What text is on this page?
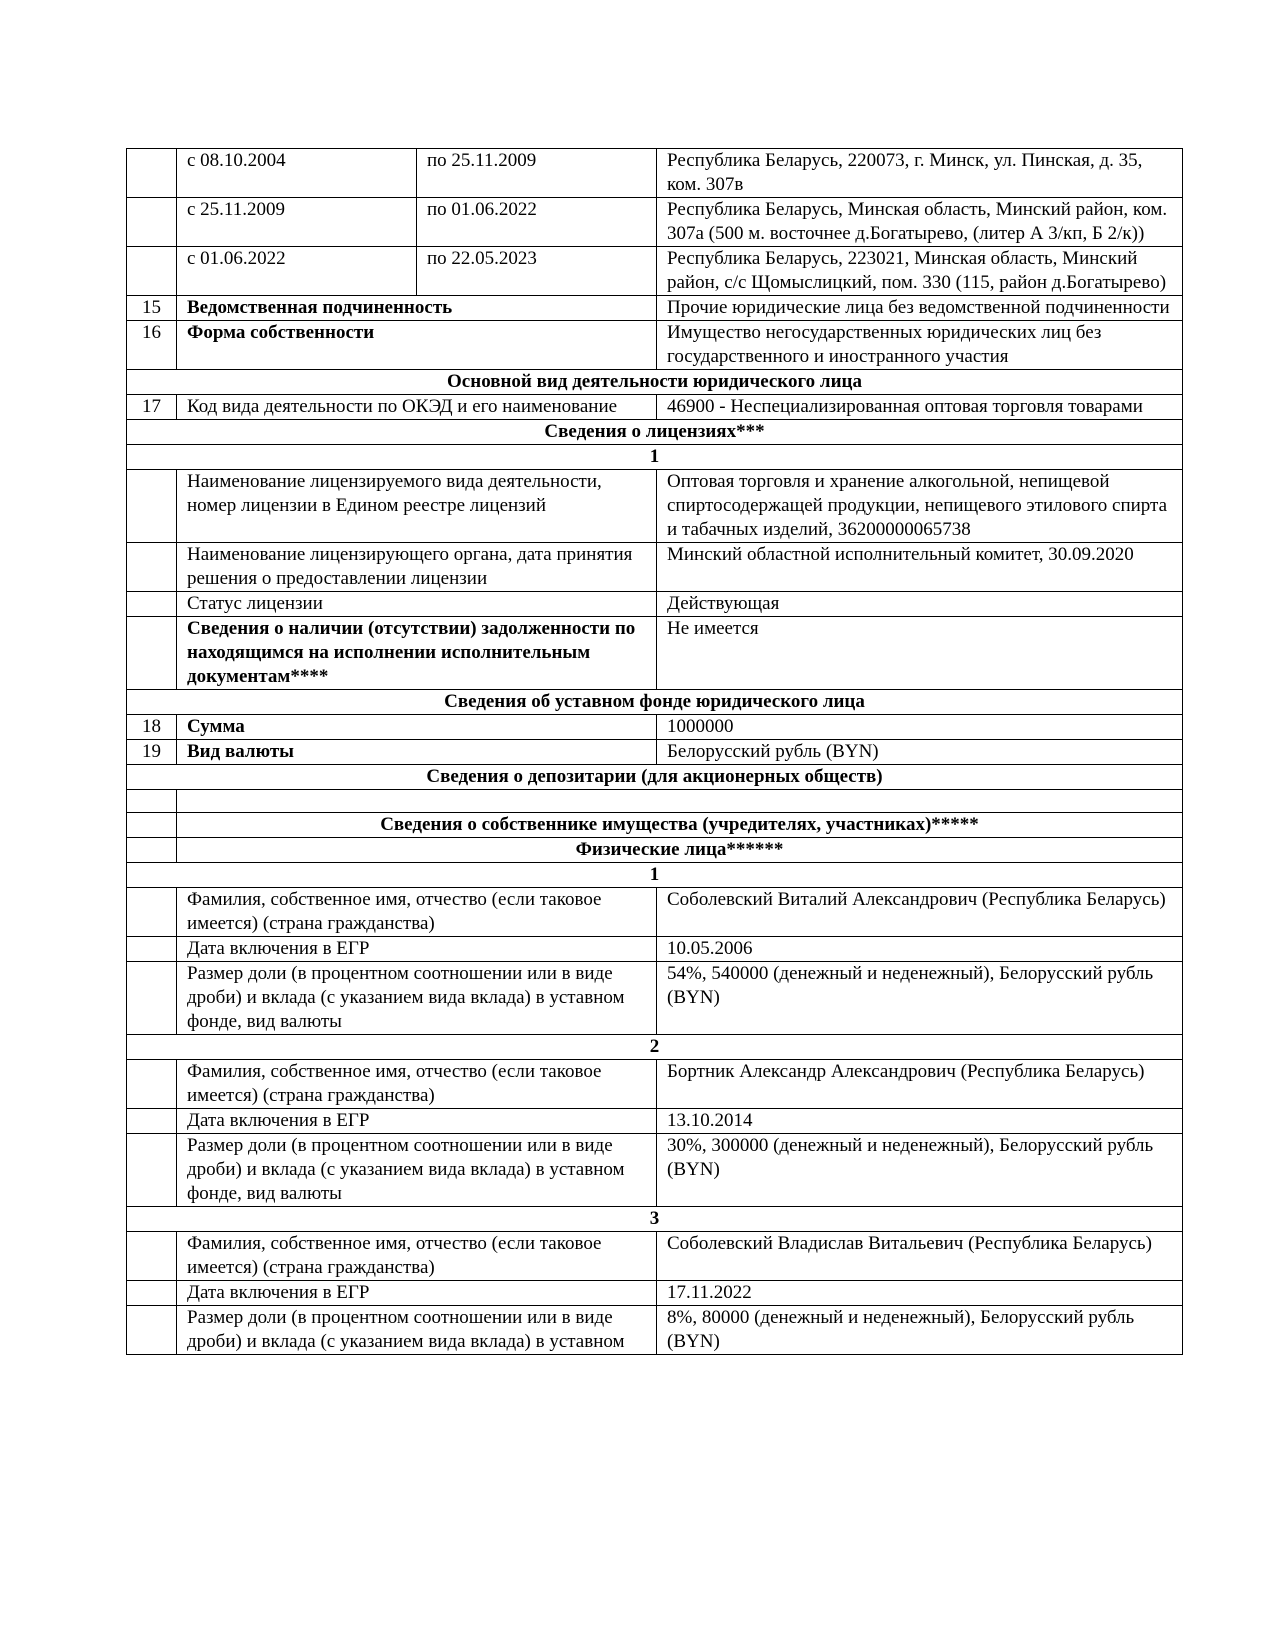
	с 08.10.2004	по 25.11.2009	Республика Беларусь, 220073, г. Минск, ул. Пинская, д. 35, ком. 307в
	с 25.11.2009	по 01.06.2022	Республика Беларусь, Минская область, Минский район, ком. 307а (500 м. восточнее д.Богатырево, (литер А 3/кп, Б 2/к))
	с 01.06.2022	по 22.05.2023	Республика Беларусь, 223021, Минская область, Минский район, с/с Щомыслицкий, пом. 330 (115, район д.Богатырево)
15	Ведомственная подчиненность		Прочие юридические лица без ведомственной подчиненности
16	Форма собственности		Имущество негосударственных юридических лиц без государственного и иностранного участия
Основной вид деятельности юридического лица			
17	Код вида деятельности по ОКЭД и его наименование		46900 - Неспециализированная оптовая торговля товарами
Сведения о лицензиях***			
1			
	Наименование лицензируемого вида деятельности, номер лицензии в Едином реестре лицензий		Оптовая торговля и хранение алкогольной, непищевой спиртосодержащей продукции, непищевого этилового спирта и табачных изделий, 36200000065738
	Наименование лицензирующего органа, дата принятия решения о предоставлении лицензии		Минский областной исполнительный комитет, 30.09.2020
	Статус лицензии		Действующая
	Сведения о наличии (отсутствии) задолженности по находящимся на исполнении исполнительным документам****		Не имеется
Сведения об уставном фонде юридического лица			
18	Сумма		1000000
19	Вид валюты		Белорусский рубль (BYN)
Сведения о депозитарии (для акционерных обществ)			

	Сведения о собственнике имущества (учредителях, участниках)*****		
	Физические лица******		
1			
	Фамилия, собственное имя, отчество (если таковое имеется) (страна гражданства)		Соболевский Виталий Александрович (Республика Беларусь)
	Дата включения в ЕГР		10.05.2006
	Размер доли (в процентном соотношении или в виде дроби) и вклада (с указанием вида вклада) в уставном фонде, вид валюты		54%, 540000 (денежный и неденежный), Белорусский рубль (BYN)
2			
	Фамилия, собственное имя, отчество (если таковое имеется) (страна гражданства)		Бортник Александр Александрович (Республика Беларусь)
	Дата включения в ЕГР		13.10.2014
	Размер доли (в процентном соотношении или в виде дроби) и вклада (с указанием вида вклада) в уставном фонде, вид валюты		30%, 300000 (денежный и неденежный), Белорусский рубль (BYN)
3			
	Фамилия, собственное имя, отчество (если таковое имеется) (страна гражданства)		Соболевский Владислав Витальевич (Республика Беларусь)
	Дата включения в ЕГР		17.11.2022
	Размер доли (в процентном соотношении или в виде дроби) и вклада (с указанием вида вклада) в уставном		8%, 80000 (денежный и неденежный), Белорусский рубль (BYN)
